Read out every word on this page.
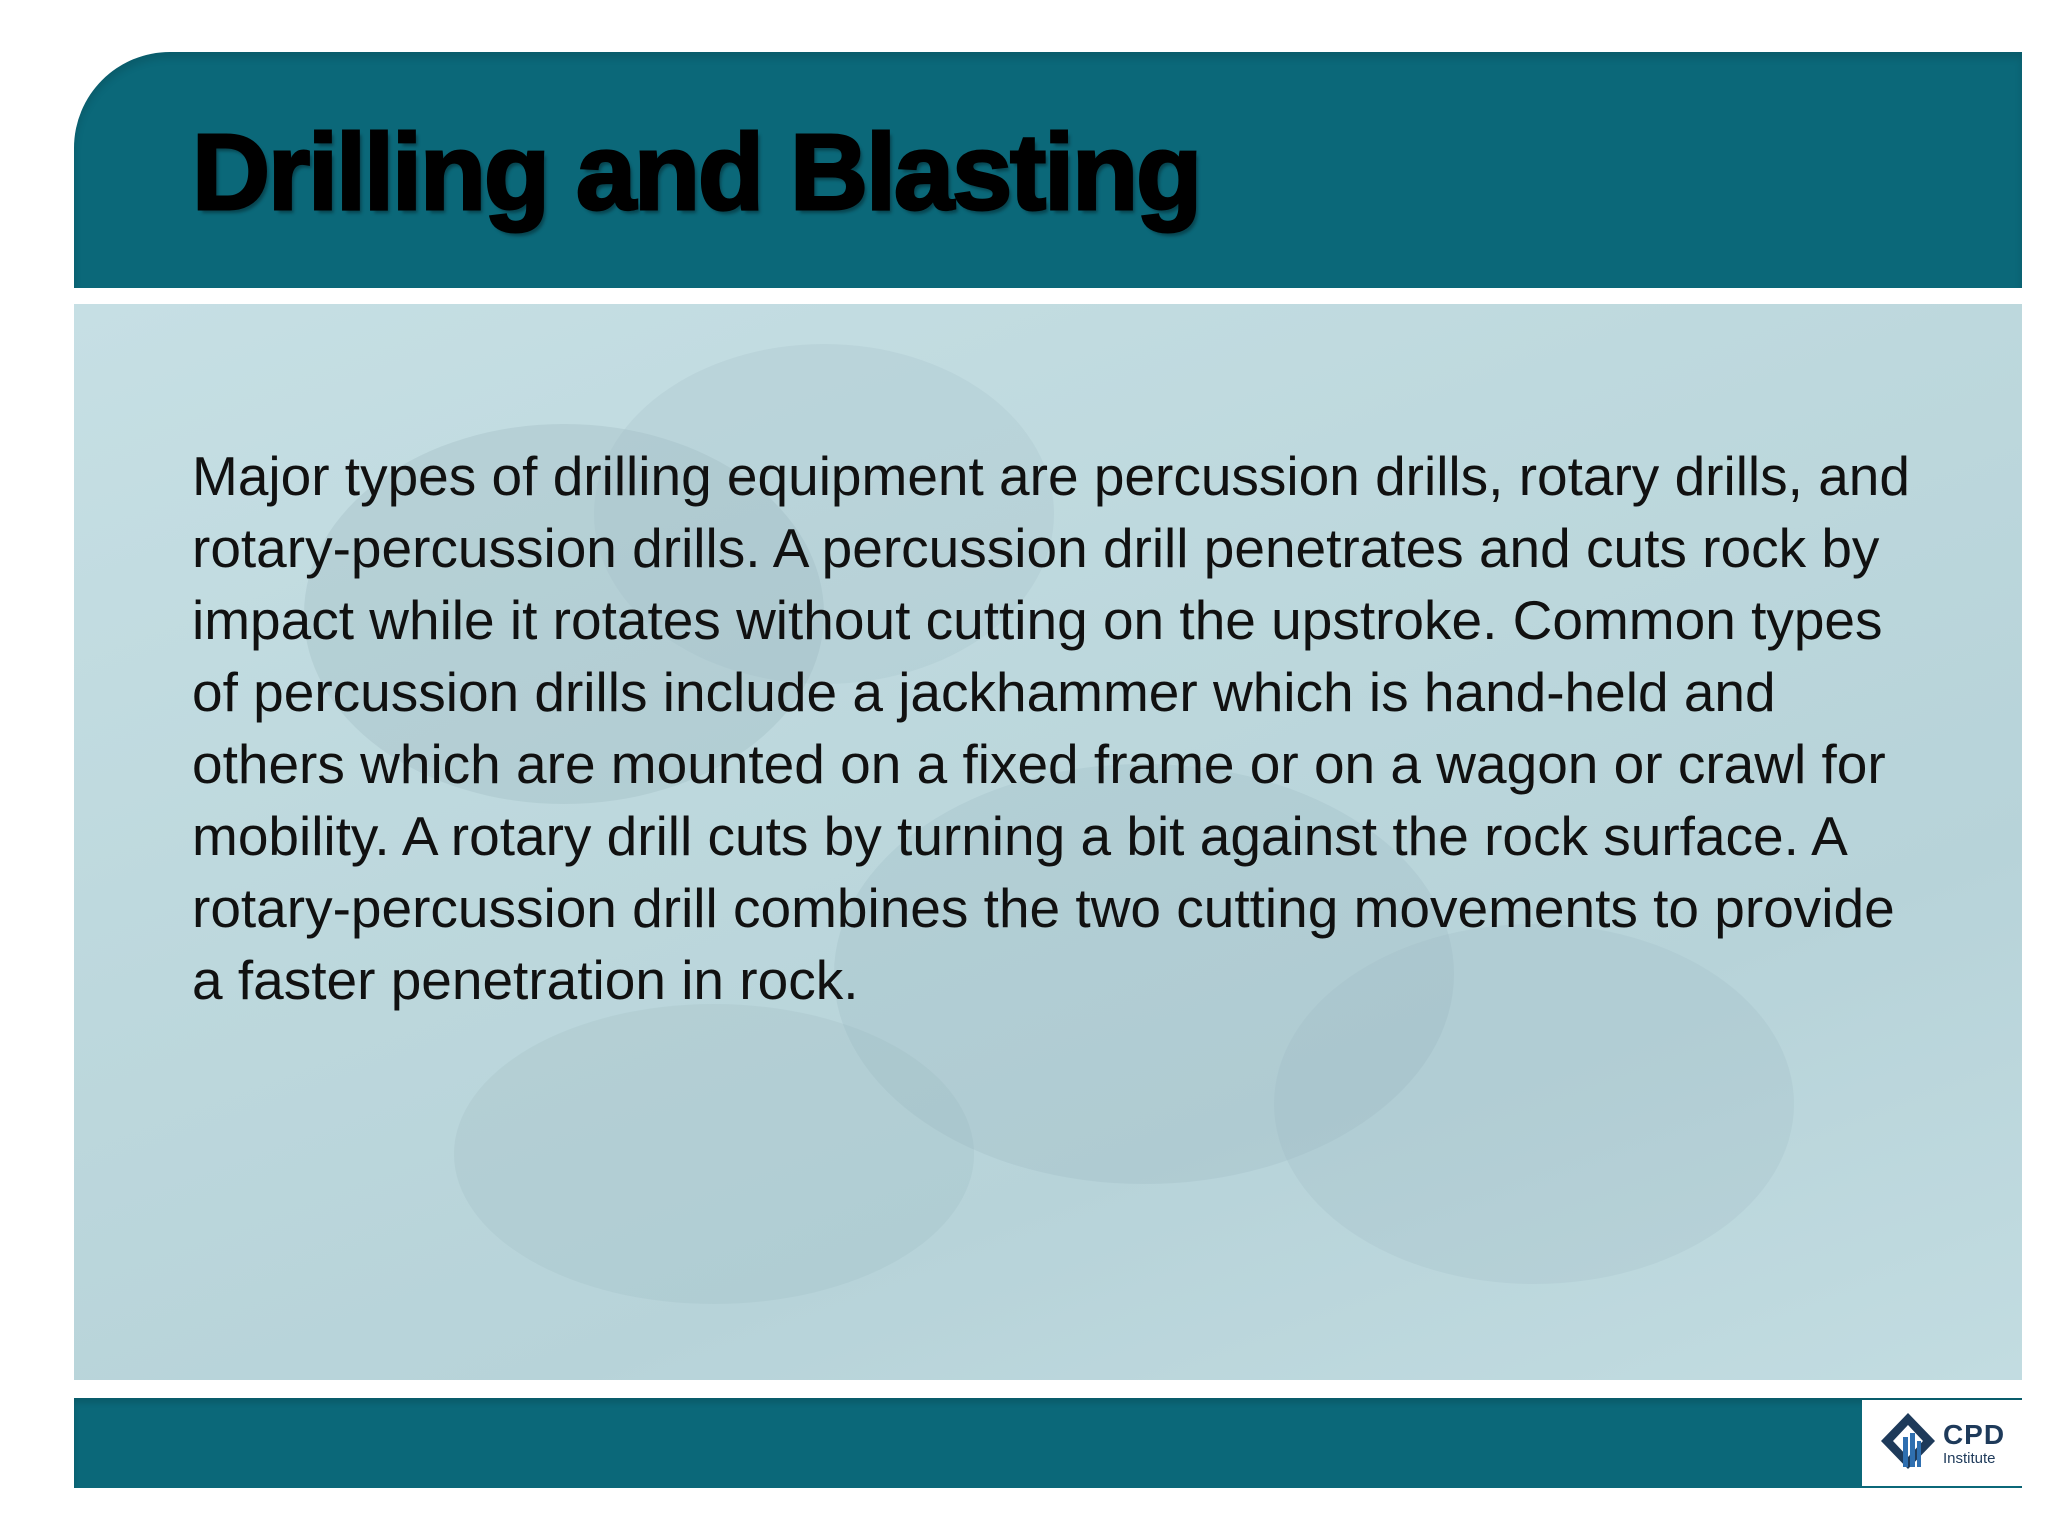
Drilling and Blasting

Major types of drilling equipment are percussion drills, rotary drills, and rotary-percussion drills. A percussion drill penetrates and cuts rock by impact while it rotates without cutting on the upstroke. Common types of percussion drills include a jackhammer which is hand-held and others which are mounted on a fixed frame or on a wagon or crawl for mobility. A rotary drill cuts by turning a bit against the rock surface. A rotary-percussion drill combines the two cutting movements to provide a faster penetration in rock.

CPD
Institute
